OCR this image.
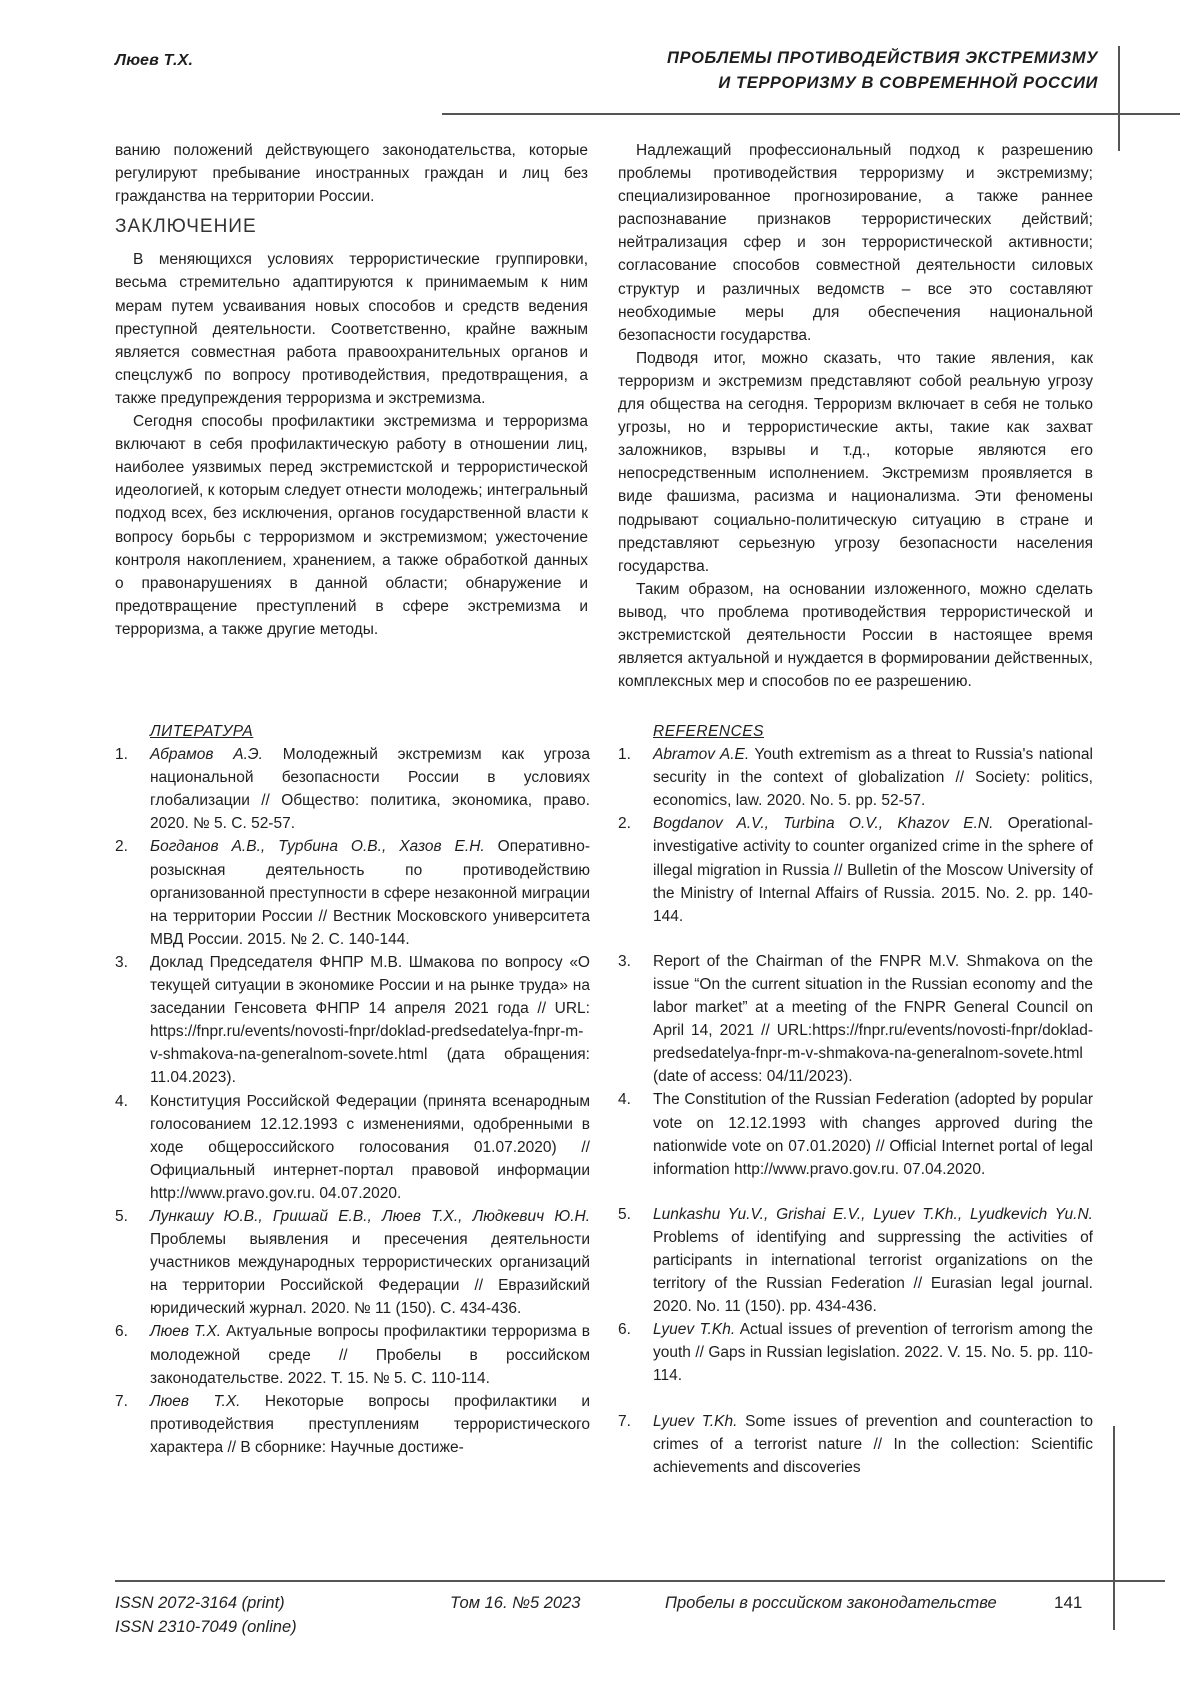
Люев Т.Х.	ПРОБЛЕМЫ ПРОТИВОДЕЙСТВИЯ ЭКСТРЕМИЗМУ
И ТЕРРОРИЗМУ В СОВРЕМЕННОЙ РОССИИ

ванию положений действующего законодательства, которые регулируют пребывание иностранных граждан и лиц без гражданства на территории России.

ЗАКЛЮЧЕНИЕ

В меняющихся условиях террористические группировки, весьма стремительно адаптируются к принимаемым к ним мерам путем усваивания новых способов и средств ведения преступной деятельности. Соответственно, крайне важным является совместная работа правоохранительных органов и спецслужб по вопросу противодействия, предотвращения, а также предупреждения терроризма и экстремизма.

Сегодня способы профилактики экстремизма и терроризма включают в себя профилактическую работу в отношении лиц, наиболее уязвимых перед экстремистской и террористической идеологией, к которым следует отнести молодежь; интегральный подход всех, без исключения, органов государственной власти к вопросу борьбы с терроризмом и экстремизмом; ужесточение контроля накоплением, хранением, а также обработкой данных о правонарушениях в данной области; обнаружение и предотвращение преступлений в сфере экстремизма и терроризма, а также другие методы.

Надлежащий профессиональный подход к разрешению проблемы противодействия терроризму и экстремизму; специализированное прогнозирование, а также раннее распознавание признаков террористических действий; нейтрализация сфер и зон террористической активности; согласование способов совместной деятельности силовых структур и различных ведомств – все это составляют необходимые меры для обеспечения национальной безопасности государства.

Подводя итог, можно сказать, что такие явления, как терроризм и экстремизм представляют собой реальную угрозу для общества на сегодня. Терроризм включает в себя не только угрозы, но и террористические акты, такие как захват заложников, взрывы и т.д., которые являются его непосредственным исполнением. Экстремизм проявляется в виде фашизма, расизма и национализма. Эти феномены подрывают социально-политическую ситуацию в стране и представляют серьезную угрозу безопасности населения государства.

Таким образом, на основании изложенного, можно сделать вывод, что проблема противодействия террористической и экстремистской деятельности России в настоящее время является актуальной и нуждается в формировании действенных, комплексных мер и способов по ее разрешению.

ЛИТЕРАТУРА
1.	Абрамов А.Э. Молодежный экстремизм как угроза национальной безопасности России в условиях глобализации // Общество: политика, экономика, право. 2020. № 5. С. 52-57.
2.	Богданов А.В., Турбина О.В., Хазов Е.Н. Оперативно-розыскная деятельность по противодействию организованной преступности в сфере незаконной миграции на территории России // Вестник Московского университета МВД России. 2015. № 2. С. 140-144.
3.	Доклад Председателя ФНПР М.В. Шмакова по вопросу «О текущей ситуации в экономике России и на рынке труда» на заседании Генсовета ФНПР 14 апреля 2021 года // URL: https://fnpr.ru/events/novosti-fnpr/doklad-predsedatelya-fnpr-m-v-shmakova-na-generalnom-sovete.html (дата обращения: 11.04.2023).
4.	Конституция Российской Федерации (принята всенародным голосованием 12.12.1993 с изменениями, одобренными в ходе общероссийского голосования 01.07.2020) // Официальный интернет-портал правовой информации http://www.pravo.gov.ru. 04.07.2020.
5.	Лункашу Ю.В., Гришай Е.В., Люев Т.Х., Людкевич Ю.Н. Проблемы выявления и пресечения деятельности участников международных террористических организаций на территории Российской Федерации // Евразийский юридический журнал. 2020. № 11 (150). С. 434-436.
6.	Люев Т.Х. Актуальные вопросы профилактики терроризма в молодежной среде // Пробелы в российском законодательстве. 2022. Т. 15. № 5. С. 110-114.
7.	Люев Т.Х. Некоторые вопросы профилактики и противодействия преступлениям террористического характера // В сборнике: Научные достиже-
REFERENCES
1.	Abramov A.E. Youth extremism as a threat to Russia's national security in the context of globalization // Society: politics, economics, law. 2020. No. 5. pp. 52-57.
2.	Bogdanov A.V., Turbina O.V., Khazov E.N. Operational-investigative activity to counter organized crime in the sphere of illegal migration in Russia // Bulletin of the Moscow University of the Ministry of Internal Affairs of Russia. 2015. No. 2. pp. 140-144.
3.	Report of the Chairman of the FNPR M.V. Shmakova on the issue “On the current situation in the Russian economy and the labor market” at a meeting of the FNPR General Council on April 14, 2021 // URL:https://fnpr.ru/events/novosti-fnpr/doklad-predsedatelya-fnpr-m-v-shmakova-na-generalnom-sovete.html (date of access: 04/11/2023).
4.	The Constitution of the Russian Federation (adopted by popular vote on 12.12.1993 with changes approved during the nationwide vote on 07.01.2020) // Official Internet portal of legal information http://www.pravo.gov.ru. 07.04.2020.
5.	Lunkashu Yu.V., Grishai E.V., Lyuev T.Kh., Lyudkevich Yu.N. Problems of identifying and suppressing the activities of participants in international terrorist organizations on the territory of the Russian Federation // Eurasian legal journal. 2020. No. 11 (150). pp. 434-436.
6.	Lyuev T.Kh. Actual issues of prevention of terrorism among the youth // Gaps in Russian legislation. 2022. V. 15. No. 5. pp. 110-114.
7.	Lyuev T.Kh. Some issues of prevention and counteraction to crimes of a terrorist nature // In the collection: Scientific achievements and discoveries
ISSN 2072-3164 (print)
ISSN 2310-7049 (online)
Том 16. №5 2023	Пробелы в российском законодательстве	141
